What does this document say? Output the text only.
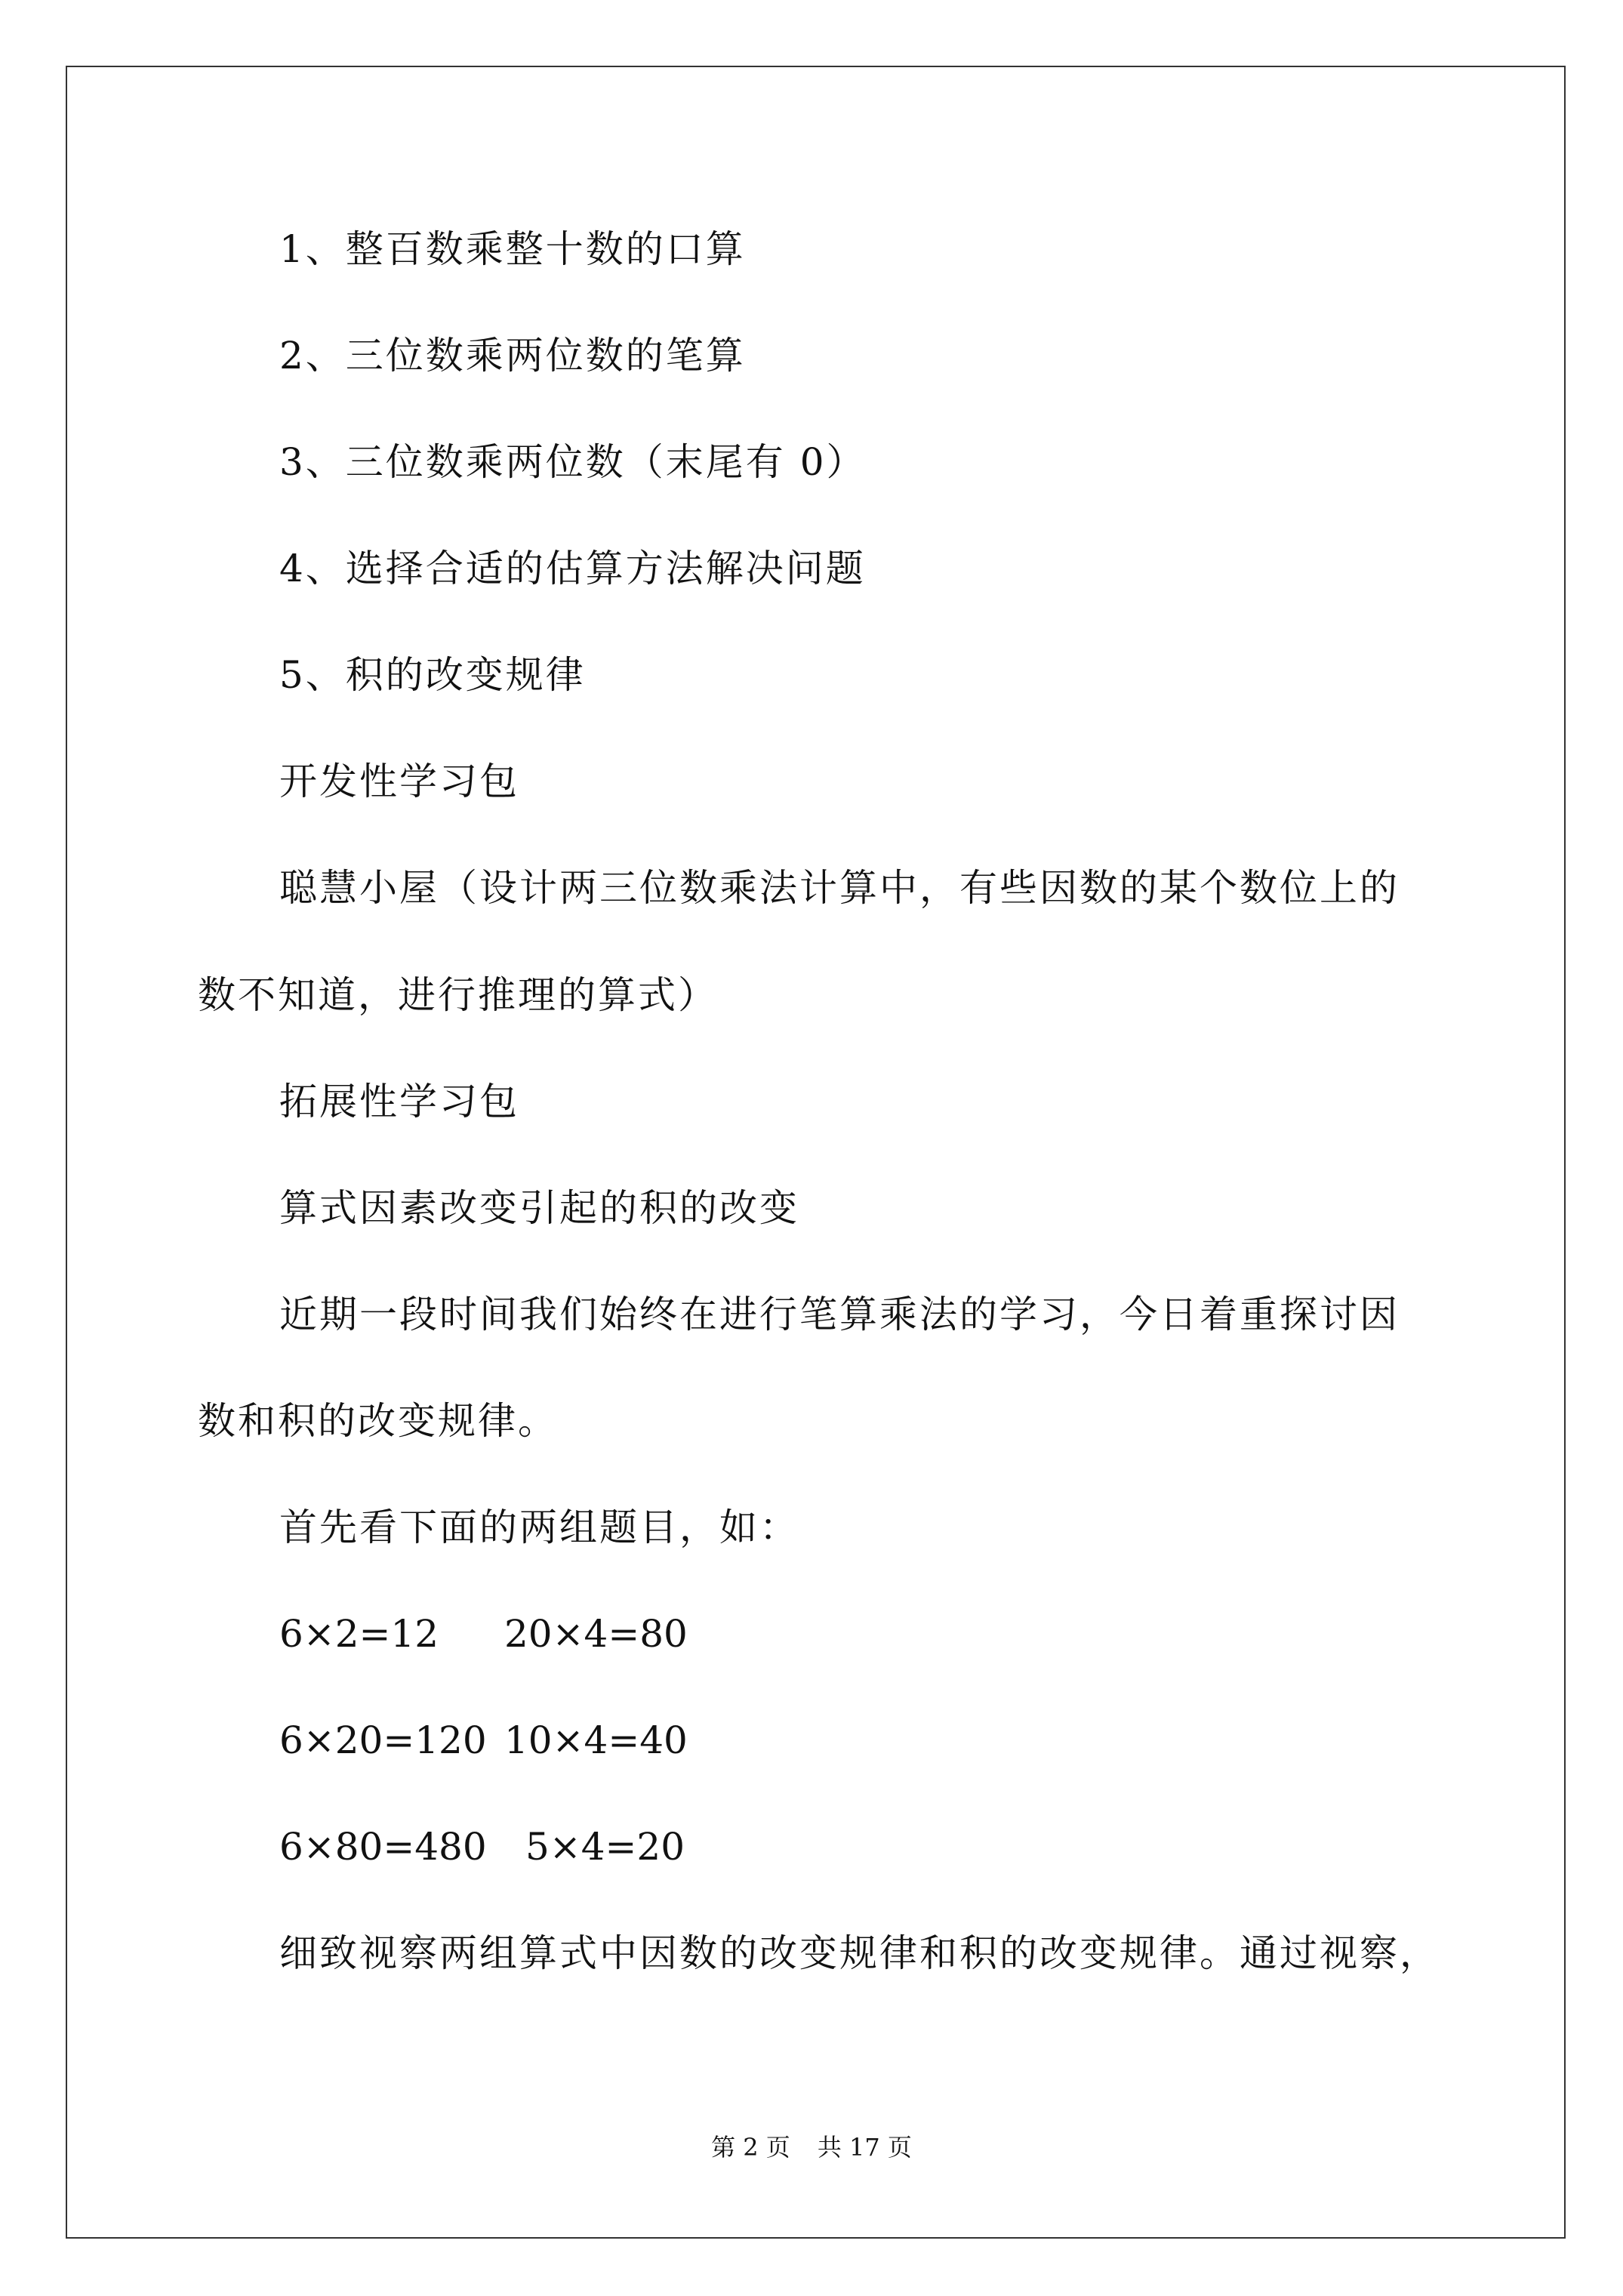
1、整百数乘整十数的口算
2、三位数乘两位数的笔算
3、三位数乘两位数（末尾有 0）
4、选择合适的估算方法解决问题
5、积的改变规律
开发性学习包
聪慧小屋（设计两三位数乘法计算中，有些因数的某个数位上的
数不知道，进行推理的算式）
拓展性学习包
算式因素改变引起的积的改变
近期一段时间我们始终在进行笔算乘法的学习，今日着重探讨因
数和积的改变规律。
首先看下面的两组题目，如：
6×2=12 20×4=80
6×20=120 10×4=40
6×80=480 5×4=20
细致视察两组算式中因数的改变规律和积的改变规律。通过视察，
第 2 页 共 17 页
